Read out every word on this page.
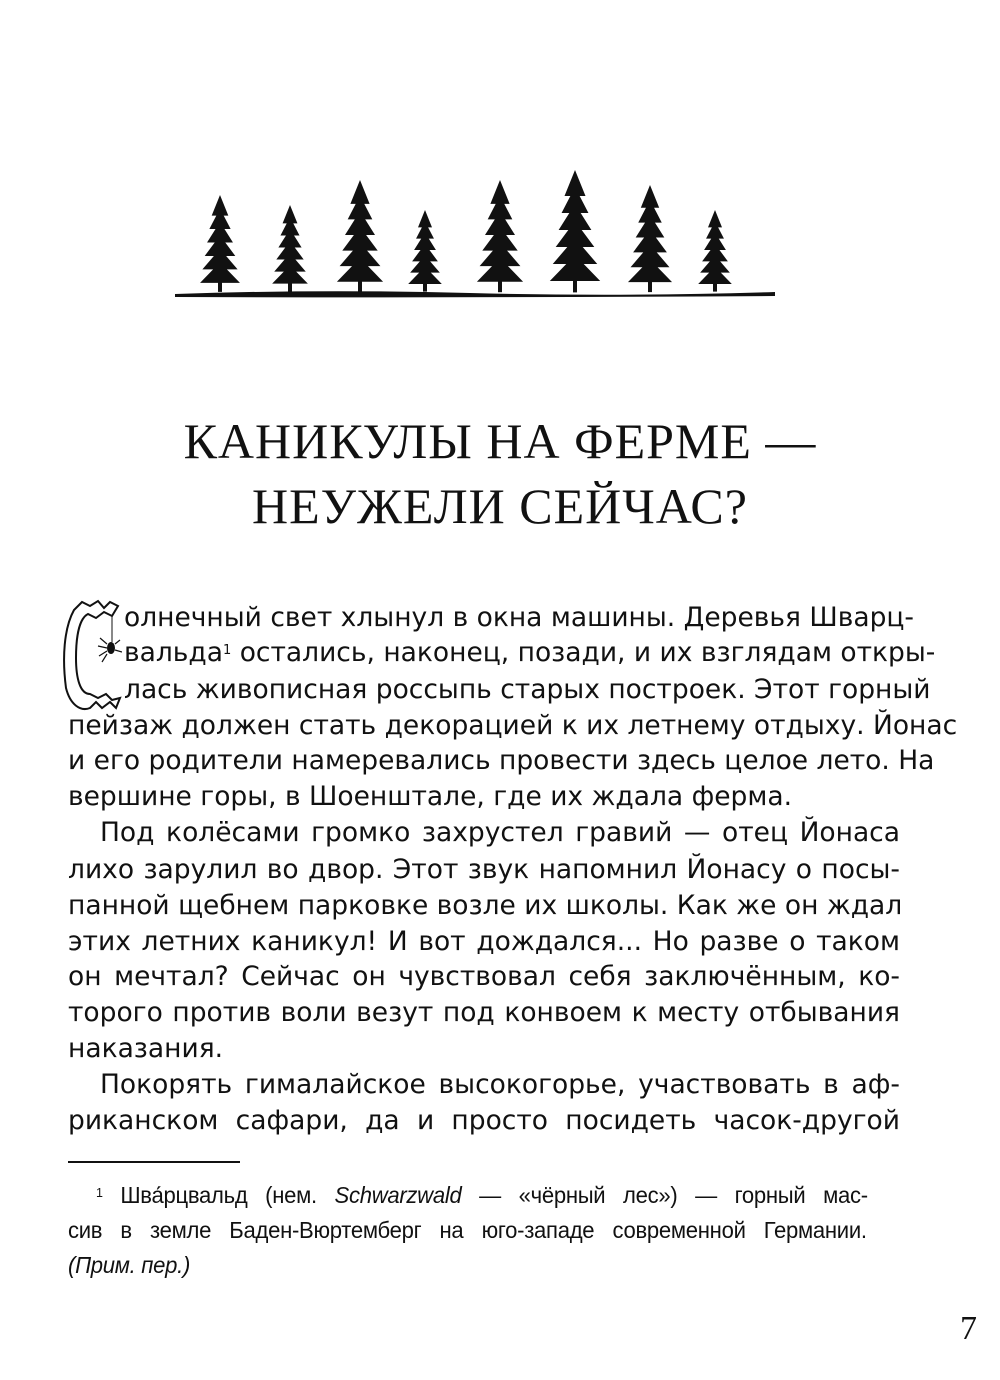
КАНИКУЛЫ НА ФЕРМЕ —
НЕУЖЕЛИ СЕЙЧАС?
олнечный свет хлынул в окна машины. Деревья Шварц-
вальда$^1$ остались, наконец, позади, и их взглядам откры-
лась живописная россыпь старых построек. Этот горный
пейзаж должен стать декорацией к их летнему отдыху. Йонас
и его родители намеревались провести здесь целое лето. На
вершине горы, в Шоенштале, где их ждала ферма.
Под колёсами громко захрустел гравий — отец Йонаса
лихо зарулил во двор. Этот звук напомнил Йонасу о посы-
панной щебнем парковке возле их школы. Как же он ждал
этих летних каникул! И вот дождался... Но разве о таком
он мечтал? Сейчас он чувствовал себя заключённым, ко-
торого против воли везут под конвоем к месту отбывания
наказания.
Покорять гималайское высокогорье, участвовать в аф-
риканском сафари, да и просто посидеть часок-другой
$^1$ Шва́рцвальд (нем. Schwarzwald — «чёрный лес») — горный мас-
сив в земле Баден-Вюртемберг на юго-западе современной Германии.
(Прим. пер.)
7
